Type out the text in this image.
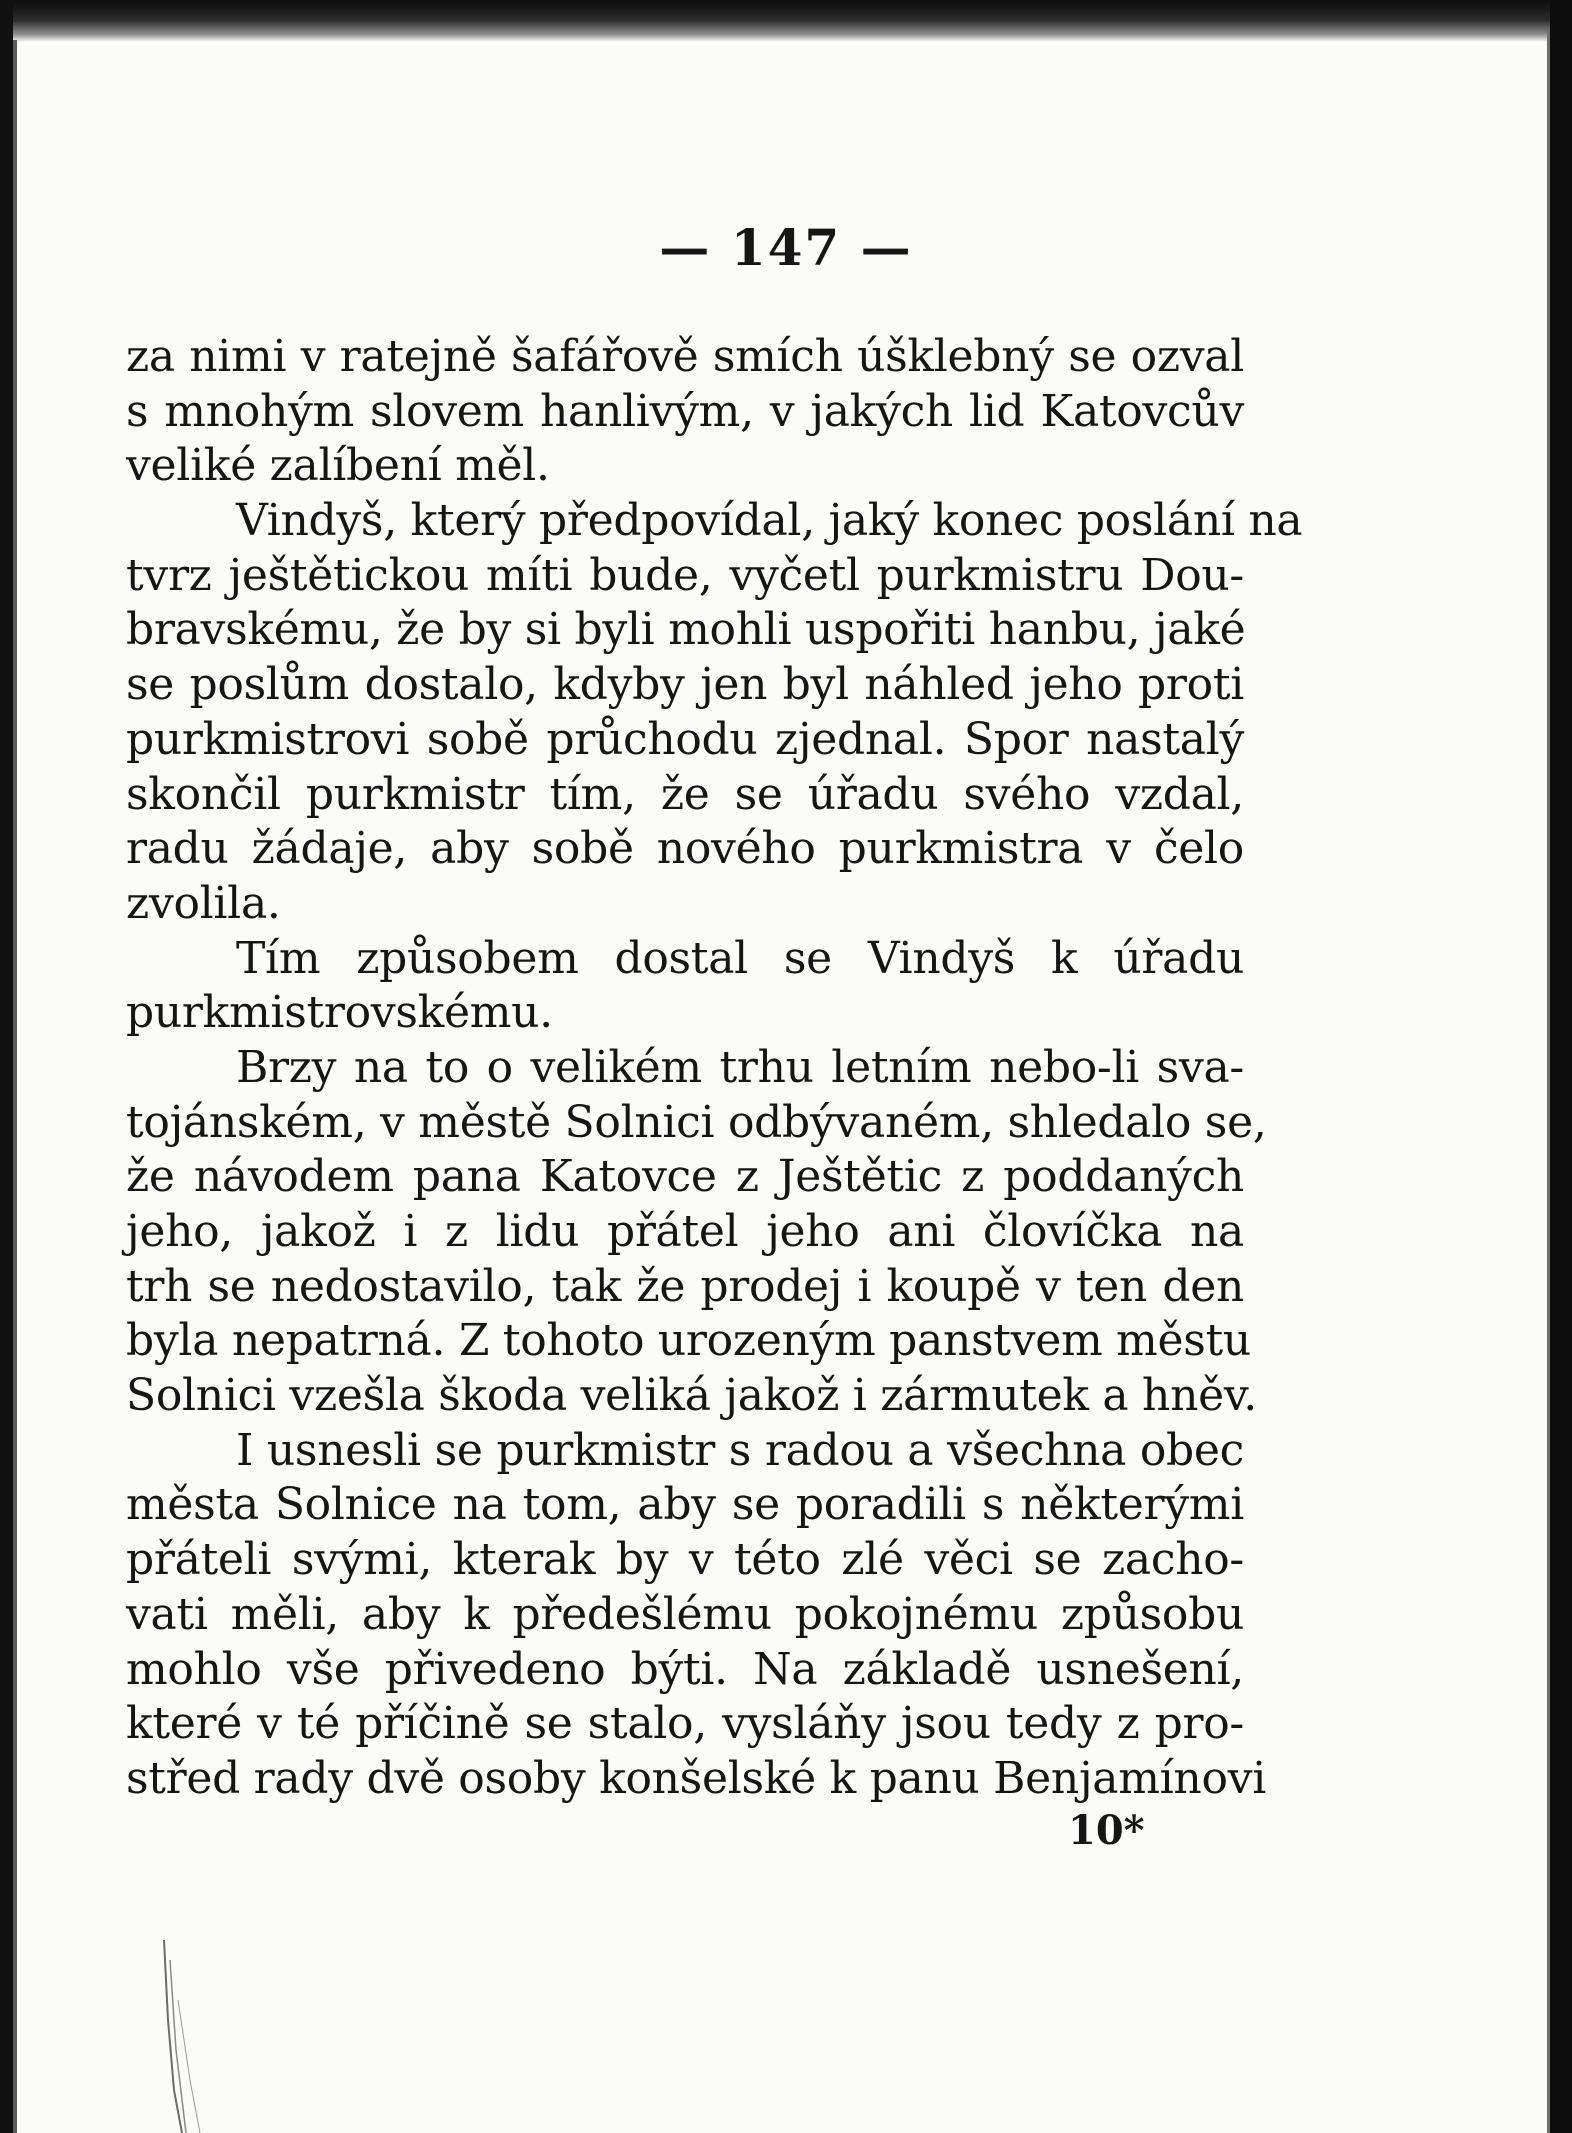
— 147 —
za nimi v ratejně šafářově smích úšklebný se ozval
s mnohým slovem hanlivým, v jakých lid Katovcův
veliké zalíbení měl.
Vindyš, který předpovídal, jaký konec poslání na
tvrz ještětickou míti bude, vyčetl purkmistru Dou-
bravskému, že by si byli mohli uspořiti hanbu, jaké
se poslům dostalo, kdyby jen byl náhled jeho proti
purkmistrovi sobě průchodu zjednal. Spor nastalý
skončil purkmistr tím, že se úřadu svého vzdal,
radu žádaje, aby sobě nového purkmistra v čelo
zvolila.
Tím způsobem dostal se Vindyš k úřadu
purkmistrovskému.
Brzy na to o velikém trhu letním nebo-li sva-
tojánském, v městě Solnici odbývaném, shledalo se,
že návodem pana Katovce z Ještětic z poddaných
jeho, jakož i z lidu přátel jeho ani človíčka na
trh se nedostavilo, tak že prodej i koupě v ten den
byla nepatrná. Z tohoto urozeným panstvem městu
Solnici vzešla škoda veliká jakož i zármutek a hněv.
I usnesli se purkmistr s radou a všechna obec
města Solnice na tom, aby se poradili s některými
přáteli svými, kterak by v této zlé věci se zacho-
vati měli, aby k předešlému pokojnému způsobu
mohlo vše přivedeno býti. Na základě usnešení,
které v té příčině se stalo, vysláňy jsou tedy z pro-
střed rady dvě osoby konšelské k panu Benjamínovi
10*
